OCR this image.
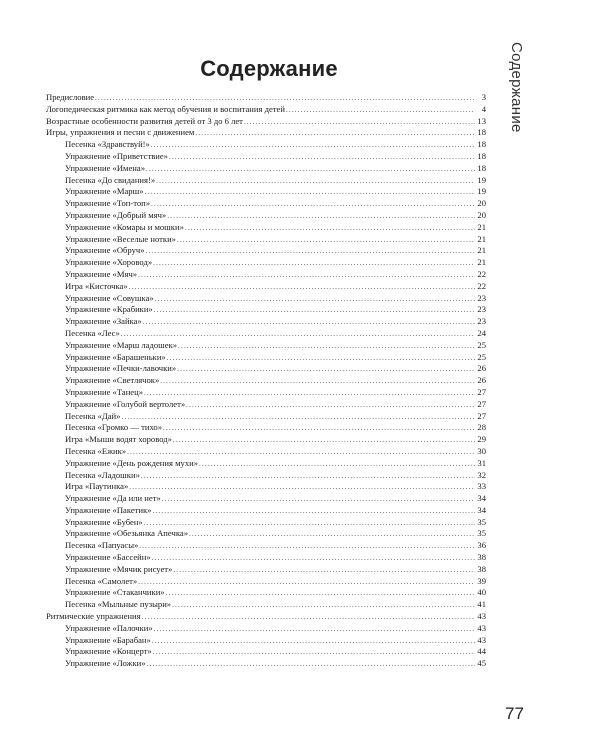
Содержание	Содержание
Предисловие .....	3
Логопедическая ритмика как метод обучения и воспитания детей .....	4
Возрастные особенности развития детей от 3 до 6 лет .....	13
Игры, упражнения и песни с движением .....	18
Песенка «Здравствуй!» .....	18
Упражнение «Приветствие» .....	18
Упражнение «Имена» .....	18
Песенка «До свидания!» .....	19
Упражнение «Марш» .....	19
Упражнение «Топ-топ» .....	20
Упражнение «Добрый мяч» .....	20
Упражнение «Комары и мошки» .....	21
Упражнение «Веселые нотки» .....	21
Упражнение «Обруч» .....	21
Упражнение «Хоровод» .....	21
Упражнение «Мяч» .....	22
Игра «Кисточка» .....	22
Упражнение «Совушка» .....	23
Упражнение «Крабики» .....	23
Упражнение «Зайка» .....	23
Песенка «Лес» .....	24
Упражнение «Марш ладошек» .....	25
Упражнение «Барашеньки» .....	25
Упражнение «Печки-лавочки» .....	26
Упражнение «Светлячок» .....	26
Упражнение «Танец» .....	27
Упражнение «Голубой вертолет» .....	27
Песенка «Дай» .....	27
Песенка «Громко — тихо» .....	28
Игра «Мыши водят хоровод» .....	29
Песенка «Ежик» .....	30
Упражнение «День рождения мухи» .....	31
Песенка «Ладошки» .....	32
Игра «Паутинка» .....	33
Упражнение «Да или нет» .....	34
Упражнение «Пакетик» .....	34
Упражнение «Бубен» .....	35
Упражнение «Обезьянка Апечка» .....	35
Песенка «Папуасы» .....	36
Упражнение «Бассейн» .....	38
Упражнение «Мячик рисует» .....	38
Песенка «Самолет» .....	39
Упражнение «Стаканчики» .....	40
Песенка «Мыльные пузыри» .....	41
Ритмические упражнения .....	43
Упражнение «Палочки» .....	43
Упражнение «Барабан» .....	43
Упражнение «Концерт» .....	44
Упражнение «Ложки» .....	45
77
